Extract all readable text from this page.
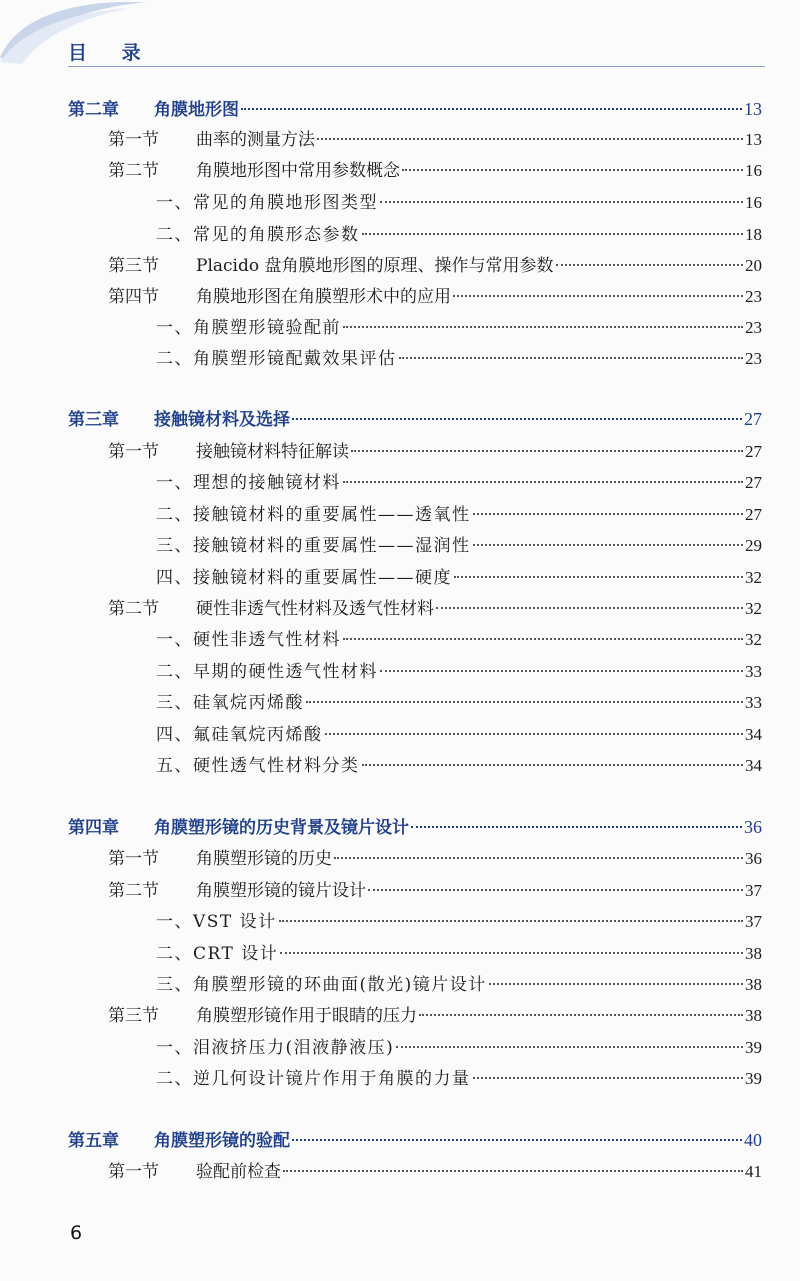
目 录
第二章	角膜地形图	13
第一节	曲率的测量方法	13
第二节	角膜地形图中常用参数概念	16
一、常见的角膜地形图类型	16
二、常见的角膜形态参数	18
第三节	Placido 盘角膜地形图的原理、操作与常用参数	20
第四节	角膜地形图在角膜塑形术中的应用	23
一、角膜塑形镜验配前	23
二、角膜塑形镜配戴效果评估	23
第三章	接触镜材料及选择	27
第一节	接触镜材料特征解读	27
一、理想的接触镜材料	27
二、接触镜材料的重要属性——透氧性	27
三、接触镜材料的重要属性——湿润性	29
四、接触镜材料的重要属性——硬度	32
第二节	硬性非透气性材料及透气性材料	32
一、硬性非透气性材料	32
二、早期的硬性透气性材料	33
三、硅氧烷丙烯酸	33
四、氟硅氧烷丙烯酸	34
五、硬性透气性材料分类	34
第四章	角膜塑形镜的历史背景及镜片设计	36
第一节	角膜塑形镜的历史	36
第二节	角膜塑形镜的镜片设计	37
一、VST 设计	37
二、CRT 设计	38
三、角膜塑形镜的环曲面(散光)镜片设计	38
第三节	角膜塑形镜作用于眼睛的压力	38
一、泪液挤压力(泪液静液压)	39
二、逆几何设计镜片作用于角膜的力量	39
第五章	角膜塑形镜的验配	40
第一节	验配前检查	41
6
